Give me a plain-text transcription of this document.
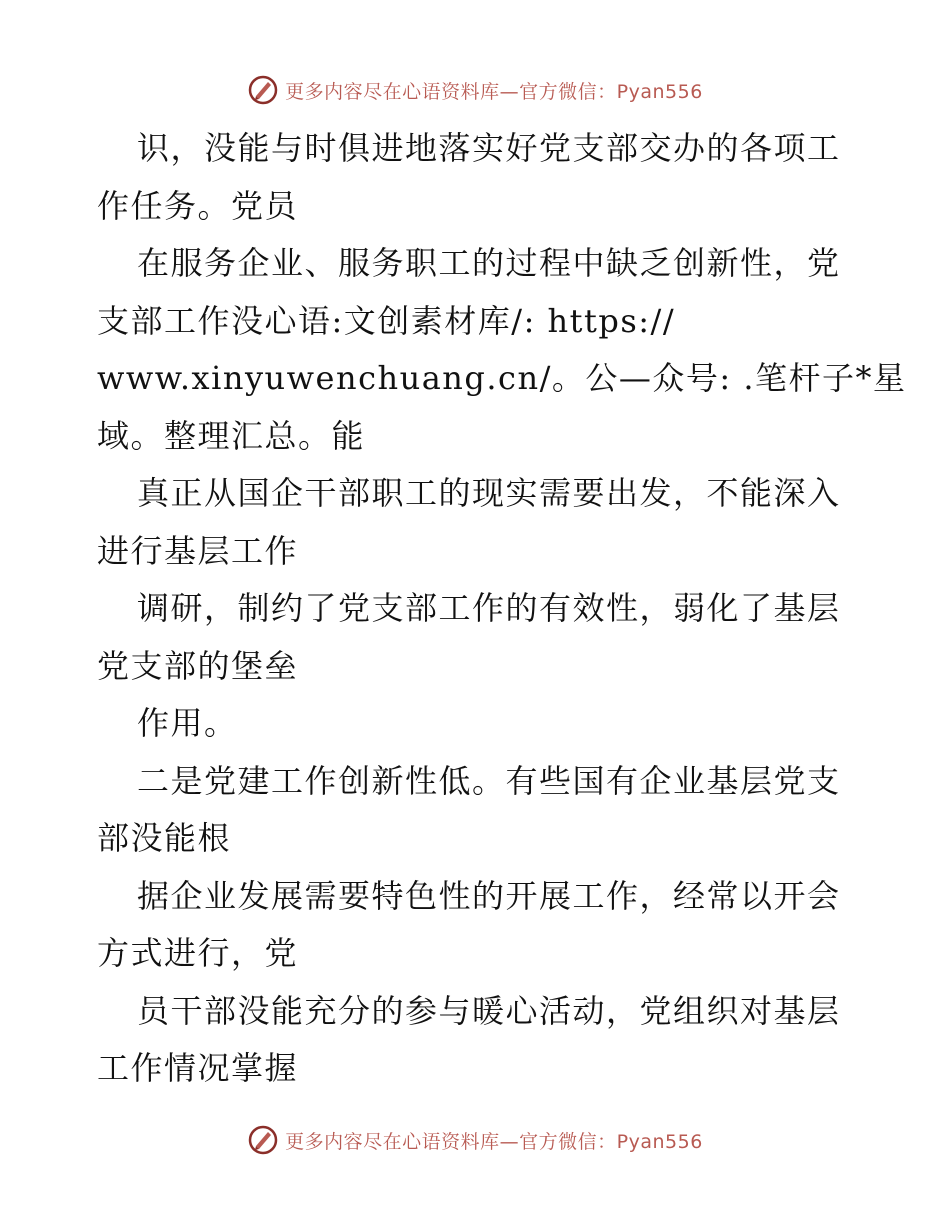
更多内容尽在心语资料库—官方微信：Pyan556
识，没能与时俱进地落实好党支部交办的各项工
作任务。党员
在服务企业、服务职工的过程中缺乏创新性，党
支部工作没心语:文创素材库/: https://
www.xinyuwenchuang.cn/。公—众号: .笔杆子*星
域。整理汇总。能
真正从国企干部职工的现实需要出发，不能深入
进行基层工作
调研，制约了党支部工作的有效性，弱化了基层
党支部的堡垒
作用。
二是党建工作创新性低。有些国有企业基层党支
部没能根
据企业发展需要特色性的开展工作，经常以开会
方式进行，党
员干部没能充分的参与暖心活动，党组织对基层
工作情况掌握
更多内容尽在心语资料库—官方微信：Pyan556
